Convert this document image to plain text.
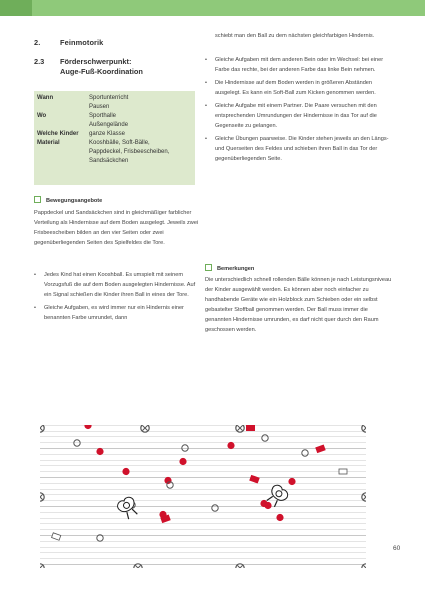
2.	Feinmotorik
2.3 Förderschwerpunkt:
Auge-Fuß-Koordination
Wann	Sportunterricht
Pausen
Wo	Sporthalle
Außengelände
Welche Kinder	ganze Klasse
Material	Kooshbälle, Soft-Bälle,
Pappdeckel, Frisbeescheiben,
Sandsäckchen
Bewegungsangebote

Pappdeckel und Sandsäckchen sind in gleichmäßiger farblicher Verteilung als Hindernisse auf dem Boden ausgelegt. Jeweils zwei Frisbeescheiben bilden an den vier Seiten oder zwei gegenüberliegenden Seiten des Spielfeldes die Tore.

• Jedes Kind hat einen Kooshball. Es umspielt mit seinem Vorzugsfuß die auf dem Boden ausgelegten Hindernisse. Auf ein Signal schießen die Kinder ihren Ball in eines der Tore.
• Gleiche Aufgaben, es wird immer nur ein Hindernis einer benannten Farbe umrundet, dann

schiebt man den Ball zu dem nächsten gleichfarbigen Hindernis.

• Gleiche Aufgaben mit dem anderen Bein oder im Wechsel: bei einer Farbe das rechte, bei der anderen Farbe das linke Bein nehmen.
• Die Hindernisse auf dem Boden werden in größeren Abständen ausgelegt. Es kann ein Soft-Ball zum Kicken genommen werden.
• Gleiche Aufgabe mit einem Partner. Die Paare versuchen mit den entsprechenden Umrundungen der Hindernisse in das Tor auf die Gegenseite zu gelangen.
• Gleiche Übungen paarweise. Die Kinder stehen jeweils an den Längs- und Querseiten des Feldes und schieben ihren Ball in das Tor der gegenüberliegenden Seite.
Bemerkungen

Die unterschiedlich schnell rollenden Bälle können je nach Leistungsniveau der Kinder ausgewählt werden. Es können aber noch einfacher zu handhabende Geräte wie ein Holzblock zum Schieben oder ein selbst gebastelter Stoffball genommen werden. Der Ball muss immer die genannten Hindernisse umrunden, es darf nicht quer durch den Raum geschossen werden.

60
